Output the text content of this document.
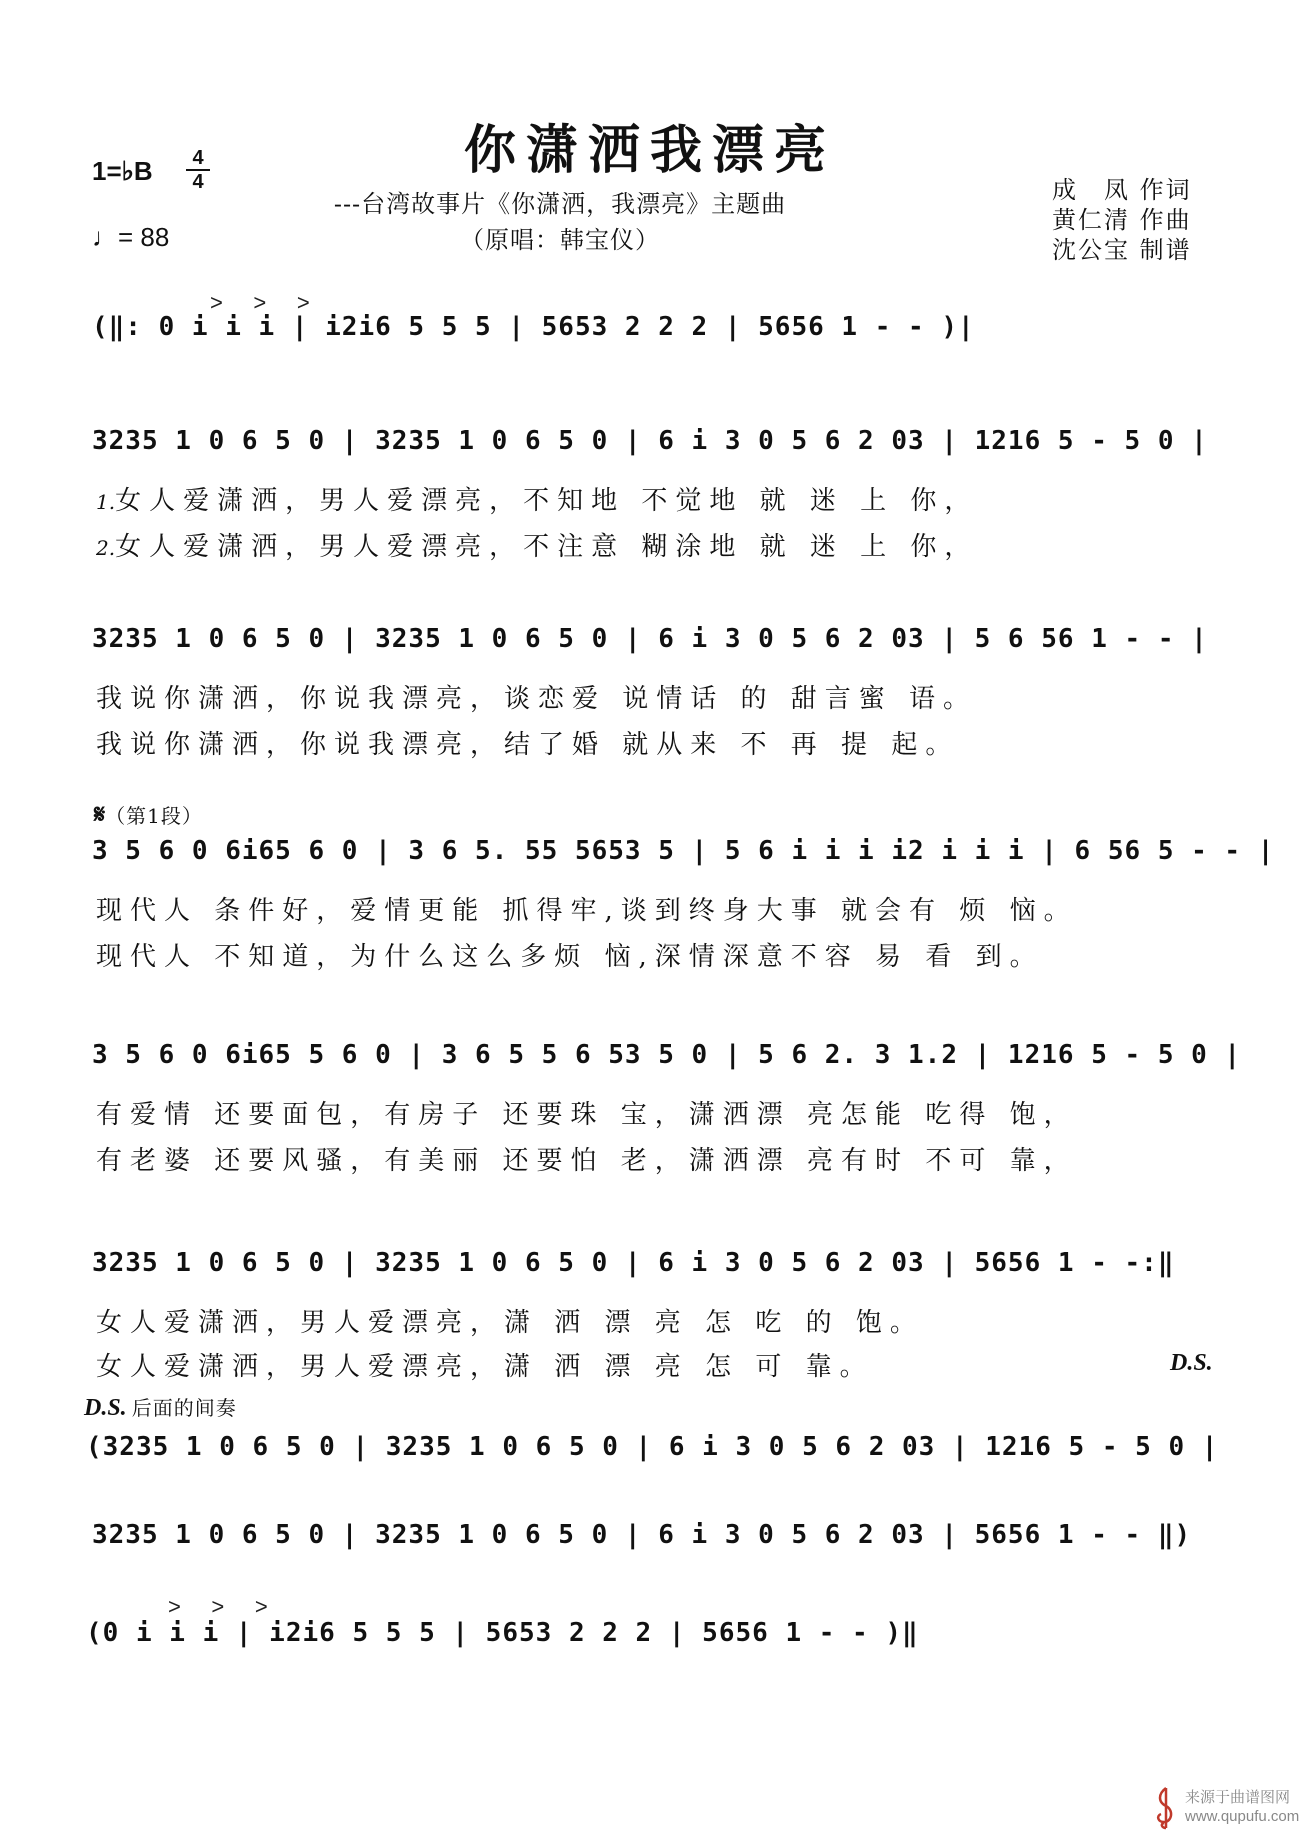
你潇洒我漂亮
---台湾故事片《你潇洒，我漂亮》主题曲
（原唱：韩宝仪）
1=♭B	4
4
♩= 88
成　凤 作词
黄仁清 作曲
沈公宝 制谱
>     >     >
(‖: 0 i i i | i2i6 5 5 5 | 5653 2 2 2 | 5656 1 - - )|
3235 1 0 6 5 0 | 3235 1 0 6 5 0 | 6 i 3 0 5 6 2 03 | 1216 5 - 5 0 |
1.女人爱潇洒，男人爱漂亮，不知地 不觉地 就 迷 上 你，
2.女人爱潇洒，男人爱漂亮，不注意 糊涂地 就 迷 上 你，
3235 1 0 6 5 0 | 3235 1 0 6 5 0 | 6 i 3 0 5 6 2 03 | 5 6 56 1 - - |
我说你潇洒，你说我漂亮，谈恋爱 说情话 的 甜言蜜 语。
我说你潇洒，你说我漂亮，结了婚 就从来 不 再 提 起。
𝄋（第1段）
3 5 6 0 6i65 6 0 | 3 6 5. 55 5653 5 | 5 6 i i i i2 i i i | 6 56 5 - - |
现代人 条件好，爱情更能 抓得牢,谈到终身大事 就会有 烦 恼。
现代人 不知道，为什么这么多烦 恼,深情深意不容 易 看 到。
3 5 6 0 6i65 5 6 0 | 3 6 5 5 6 53 5 0 | 5 6 2. 3 1.2 | 1216 5 - 5 0 |
有爱情 还要面包，有房子 还要珠 宝，潇洒漂 亮怎能 吃得 饱，
有老婆 还要风骚，有美丽 还要怕 老，潇洒漂 亮有时 不可 靠，
3235 1 0 6 5 0 | 3235 1 0 6 5 0 | 6 i 3 0 5 6 2 03 | 5656 1 - -:‖
女人爱潇洒，男人爱漂亮，潇 洒 漂 亮 怎 吃 的 饱。
女人爱潇洒，男人爱漂亮，潇 洒 漂 亮 怎 可 靠。	D.S.
D.S. 后面的间奏
(3235 1 0 6 5 0 | 3235 1 0 6 5 0 | 6 i 3 0 5 6 2 03 | 1216 5 - 5 0 |
3235 1 0 6 5 0 | 3235 1 0 6 5 0 | 6 i 3 0 5 6 2 03 | 5656 1 - - ‖)
>     >     >
(0 i i i | i2i6 5 5 5 | 5653 2 2 2 | 5656 1 - - )‖
来源于曲谱图网
www.qupufu.com
